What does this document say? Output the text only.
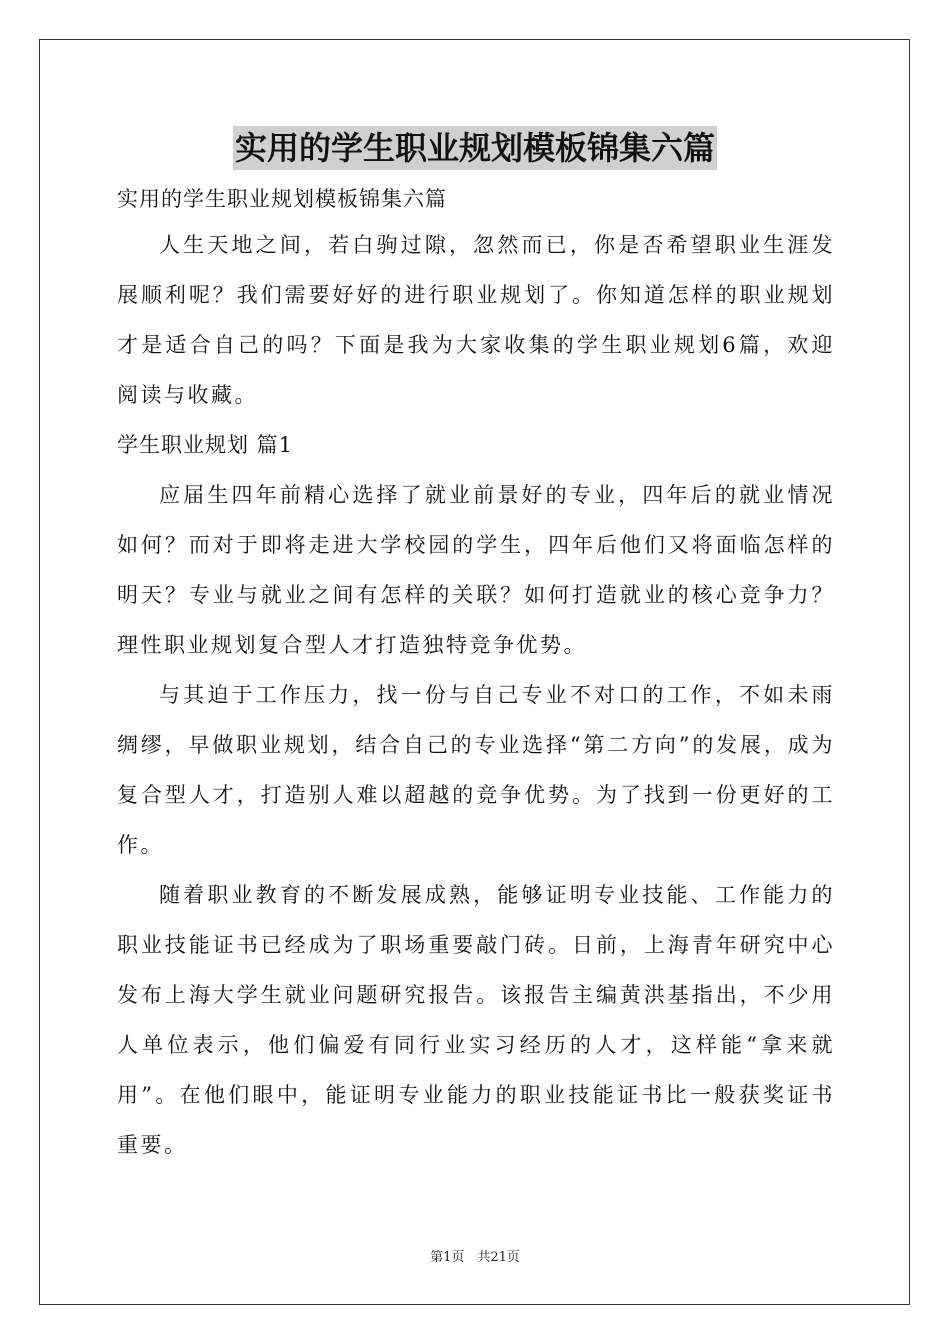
实用的学生职业规划模板锦集六篇
实用的学生职业规划模板锦集六篇

人生天地之间，若白驹过隙，忽然而已，你是否希望职业生涯发展顺利呢？我们需要好好的进行职业规划了。你知道怎样的职业规划才是适合自己的吗？下面是我为大家收集的学生职业规划6篇，欢迎阅读与收藏。

学生职业规划 篇1

应届生四年前精心选择了就业前景好的专业，四年后的就业情况如何？而对于即将走进大学校园的学生，四年后他们又将面临怎样的明天？专业与就业之间有怎样的关联？如何打造就业的核心竞争力？理性职业规划复合型人才打造独特竞争优势。

与其迫于工作压力，找一份与自己专业不对口的工作，不如未雨绸缪，早做职业规划，结合自己的专业选择“第二方向”的发展，成为复合型人才，打造别人难以超越的竞争优势。为了找到一份更好的工作。

随着职业教育的不断发展成熟，能够证明专业技能、工作能力的职业技能证书已经成为了职场重要敲门砖。日前，上海青年研究中心发布上海大学生就业问题研究报告。该报告主编黄洪基指出，不少用人单位表示，他们偏爱有同行业实习经历的人才，这样能“拿来就用”。在他们眼中，能证明专业能力的职业技能证书比一般获奖证书重要。

第1页　共21页
